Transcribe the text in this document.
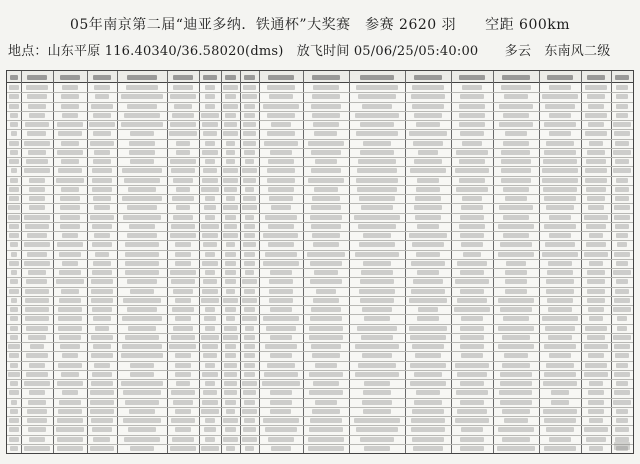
05年南京第二届“迪亚多纳．铁通杯”大奖赛　参赛 2620 羽　　空距 600km
地点：山东平原 116.40340/36.58020(dms)　放飞时间 05/06/25/05:40:00　　多云　东南风二级
